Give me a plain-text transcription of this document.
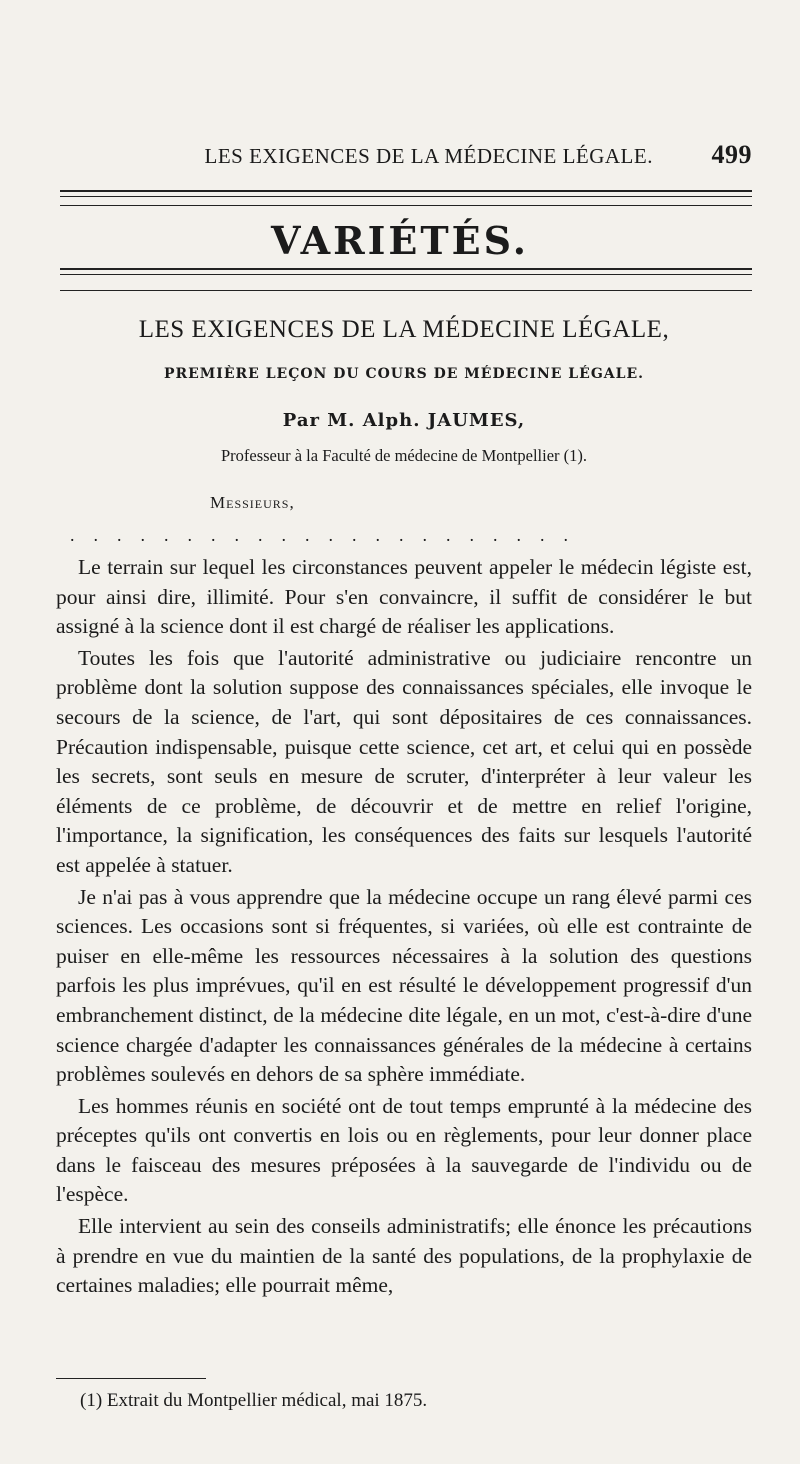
LES EXIGENCES DE LA MÉDECINE LÉGALE.	499
VARIÉTÉS.
LES EXIGENCES DE LA MÉDECINE LÉGALE,
PREMIÈRE LEÇON DU COURS DE MÉDECINE LÉGALE.
Par M. Alph. JAUMES,
Professeur à la Faculté de médecine de Montpellier (1).
Messieurs,
......................

Le terrain sur lequel les circonstances peuvent appeler le médecin légiste est, pour ainsi dire, illimité. Pour s'en convaincre, il suffit de considérer le but assigné à la science dont il est chargé de réaliser les applications.

Toutes les fois que l'autorité administrative ou judiciaire rencontre un problème dont la solution suppose des connaissances spéciales, elle invoque le secours de la science, de l'art, qui sont dépositaires de ces connaissances. Précaution indispensable, puisque cette science, cet art, et celui qui en possède les secrets, sont seuls en mesure de scruter, d'interpréter à leur valeur les éléments de ce problème, de découvrir et de mettre en relief l'origine, l'importance, la signification, les conséquences des faits sur lesquels l'autorité est appelée à statuer.

Je n'ai pas à vous apprendre que la médecine occupe un rang élevé parmi ces sciences. Les occasions sont si fréquentes, si variées, où elle est contrainte de puiser en elle-même les ressources nécessaires à la solution des questions parfois les plus imprévues, qu'il en est résulté le développement progressif d'un embranchement distinct, de la médecine dite légale, en un mot, c'est-à-dire d'une science chargée d'adapter les connaissances générales de la médecine à certains problèmes soulevés en dehors de sa sphère immédiate.

Les hommes réunis en société ont de tout temps emprunté à la médecine des préceptes qu'ils ont convertis en lois ou en règlements, pour leur donner place dans le faisceau des mesures préposées à la sauvegarde de l'individu ou de l'espèce.

Elle intervient au sein des conseils administratifs; elle énonce les précautions à prendre en vue du maintien de la santé des populations, de la prophylaxie de certaines maladies; elle pourrait même,

(1) Extrait du Montpellier médical, mai 1875.
